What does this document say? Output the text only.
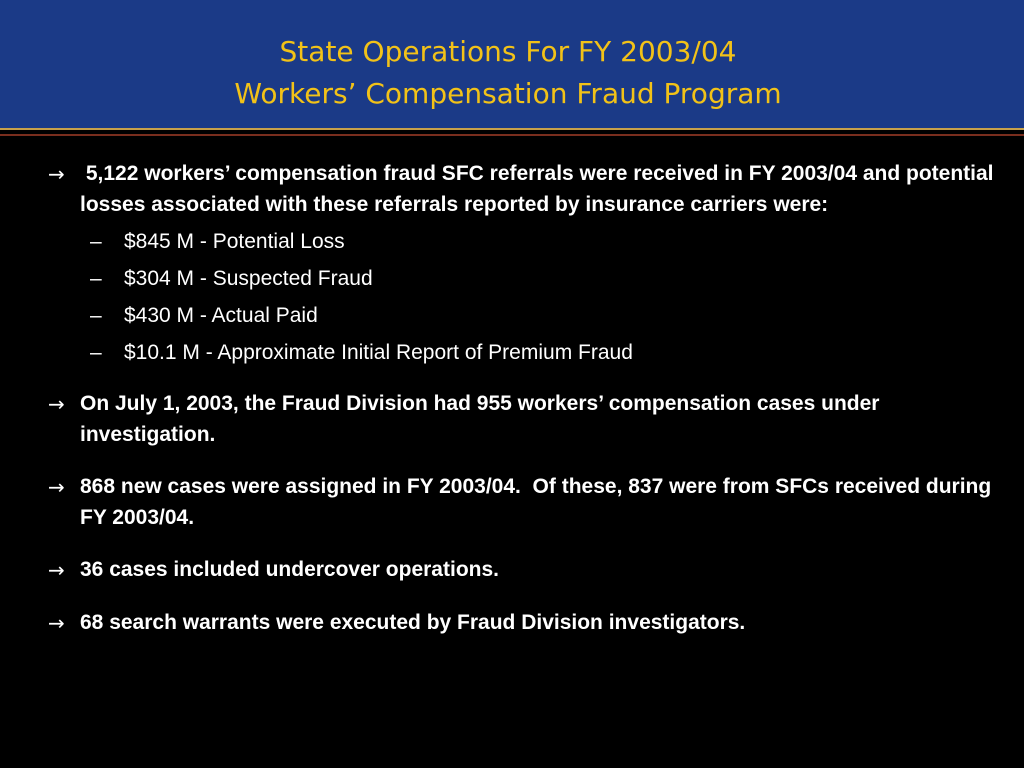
State Operations For FY 2003/04
Workers’ Compensation Fraud Program
→ 5,122 workers’ compensation fraud SFC referrals were received in FY 2003/04 and potential losses associated with these referrals reported by insurance carriers were:
– $845 M - Potential Loss
– $304 M - Suspected Fraud
– $430 M - Actual Paid
– $10.1 M - Approximate Initial Report of Premium Fraud
→ On July 1, 2003, the Fraud Division had 955 workers’ compensation cases under investigation.
→ 868 new cases were assigned in FY 2003/04.  Of these, 837 were from SFCs received during FY 2003/04.
→ 36 cases included undercover operations.
→ 68 search warrants were executed by Fraud Division investigators.
